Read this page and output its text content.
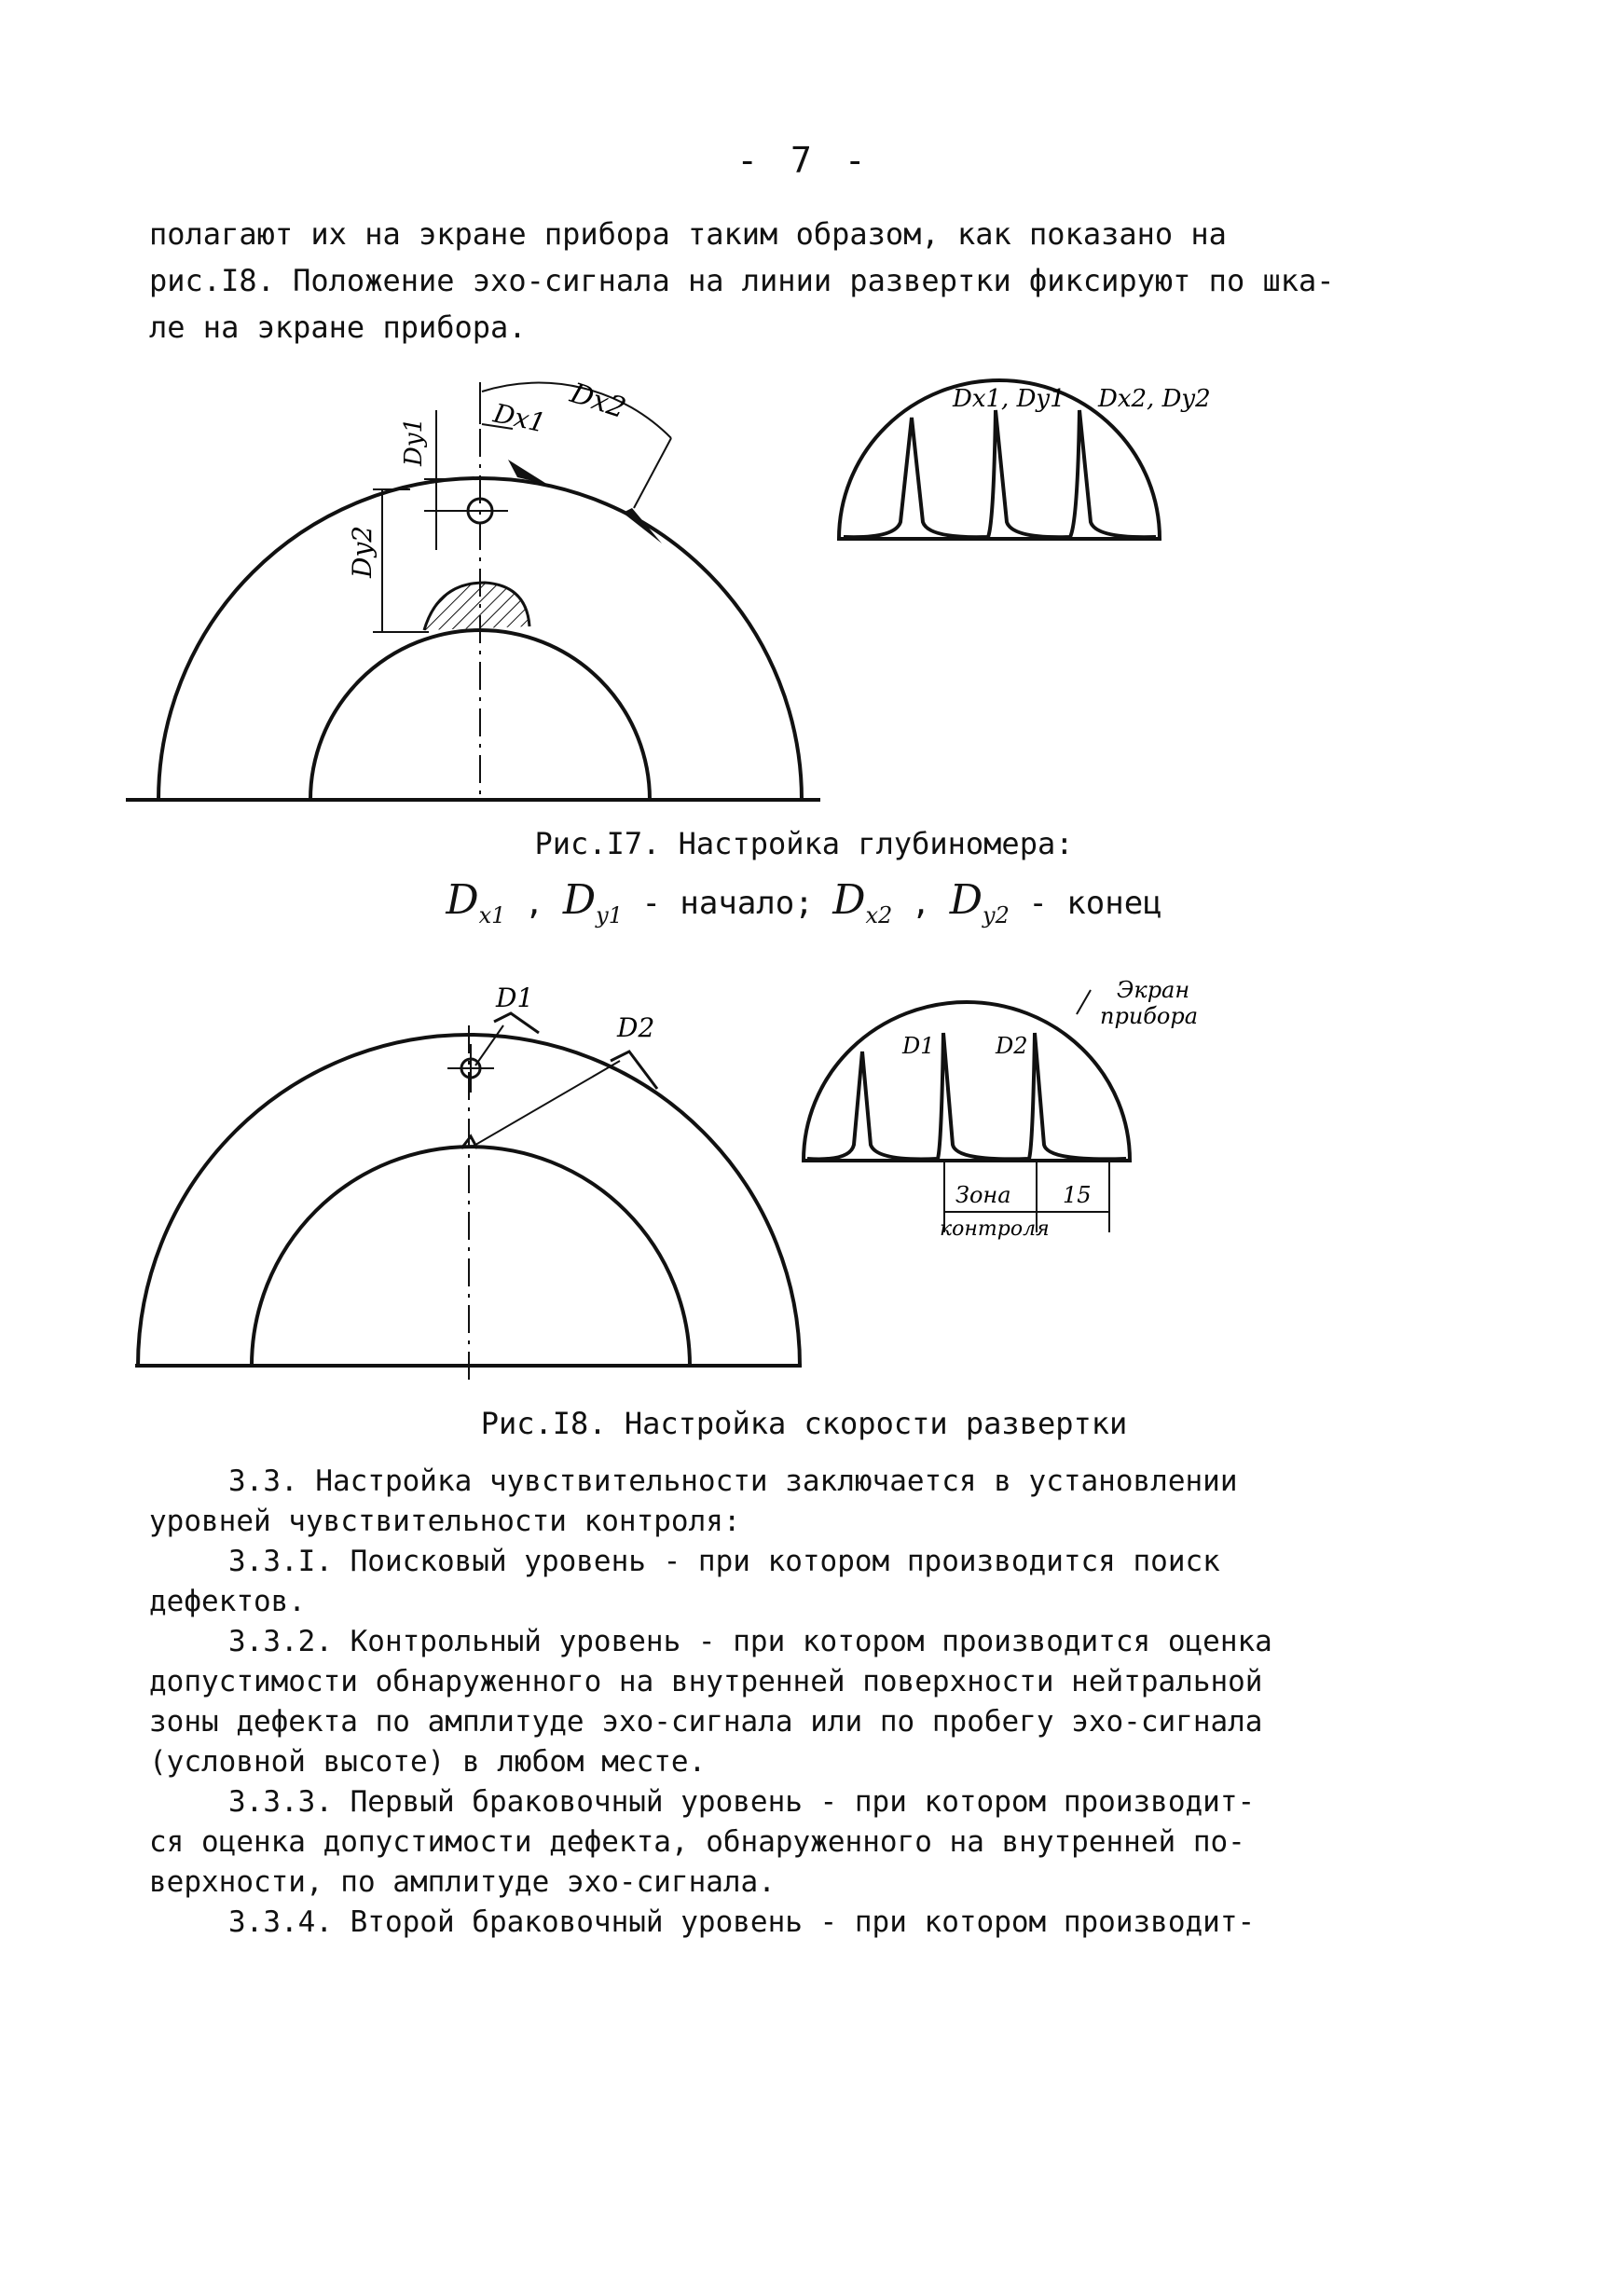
- 7 -
полагают их на экране прибора таким образом, как показано на
рис.I8. Положение эхо-сигнала на линии развертки фиксируют по шка-
ле на экране прибора.
Dx2
Dx1
Dy1
Dy2
Dx1, Dy1 Dx2, Dy2
Рис.I7. Настройка глубиномера:
$D_{x1}$ , $D_{y1}$ - начало; $D_{x2}$ , $D_{y2}$ - конец
D1
D2
D1	D2
Экран
прибора
Зона
контроля
15
Рис.I8. Настройка скорости развертки
3.3. Настройка чувствительности заключается в установлении
уровней чувствительности контроля:
3.3.I. Поисковый уровень - при котором производится поиск
дефектов.
3.3.2. Контрольный уровень - при котором производится оценка
допустимости обнаруженного на внутренней поверхности нейтральной
зоны дефекта по амплитуде эхо-сигнала или по пробегу эхо-сигнала
(условной высоте) в любом месте.
3.3.3. Первый браковочный уровень - при котором производит-
ся оценка допустимости дефекта, обнаруженного на внутренней по-
верхности, по амплитуде эхо-сигнала.
3.3.4. Второй браковочный уровень - при котором производит-
